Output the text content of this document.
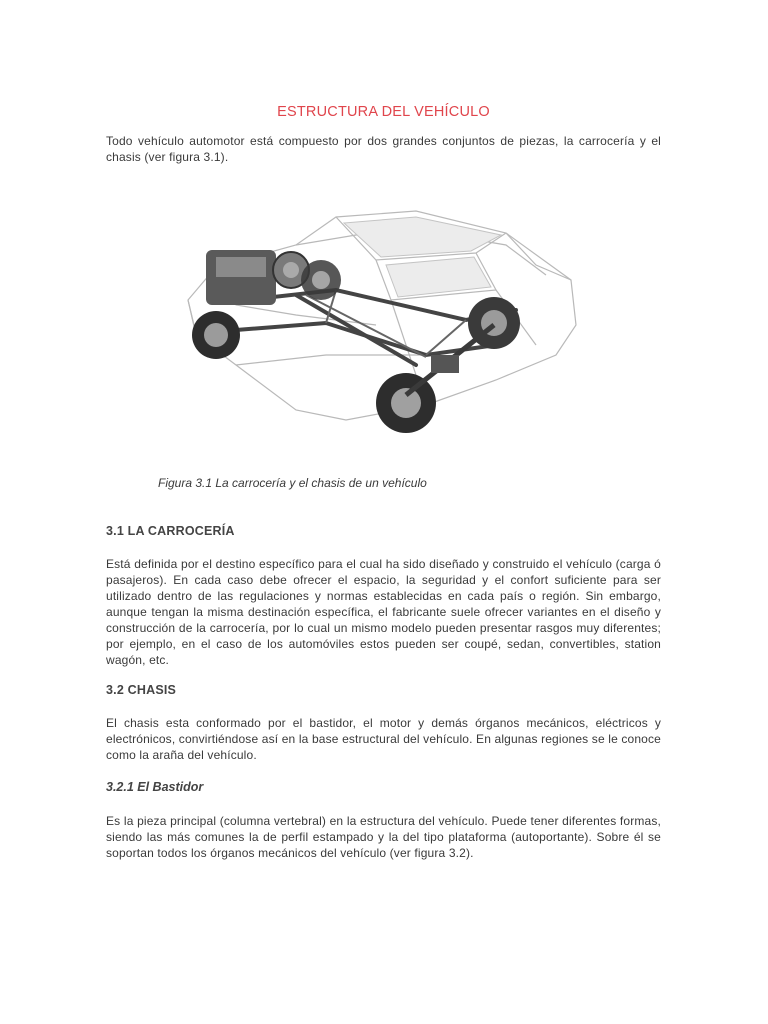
ESTRUCTURA DEL VEHÍCULO

Todo vehículo automotor está compuesto por dos grandes conjuntos de piezas, la carrocería y el chasis (ver figura 3.1).

Figura 3.1 La carrocería y el chasis de un vehículo

3.1 LA CARROCERÍA

Está definida por el destino específico para el cual ha sido diseñado y construido el vehículo (carga ó pasajeros). En cada caso debe ofrecer el espacio, la seguridad y el confort suficiente para ser utilizado dentro de las regulaciones y normas establecidas en cada país o región. Sin embargo, aunque tengan la misma destinación específica, el fabricante suele ofrecer variantes en el diseño y construcción de la carrocería, por lo cual un mismo modelo pueden presentar rasgos muy diferentes; por ejemplo, en el caso de los automóviles estos pueden ser coupé, sedan, convertibles, station wagón, etc.

3.2 CHASIS

El chasis esta conformado por el bastidor, el motor y demás órganos mecánicos, eléctricos y electrónicos, convirtiéndose así en la base estructural del vehículo. En algunas regiones se le conoce como la araña del vehículo.

3.2.1 El Bastidor

Es la pieza principal (columna vertebral) en la estructura del vehículo. Puede tener diferentes formas, siendo las más comunes la de perfil estampado y la del tipo plataforma (autoportante). Sobre él se soportan todos los órganos mecánicos del vehículo (ver figura 3.2).
